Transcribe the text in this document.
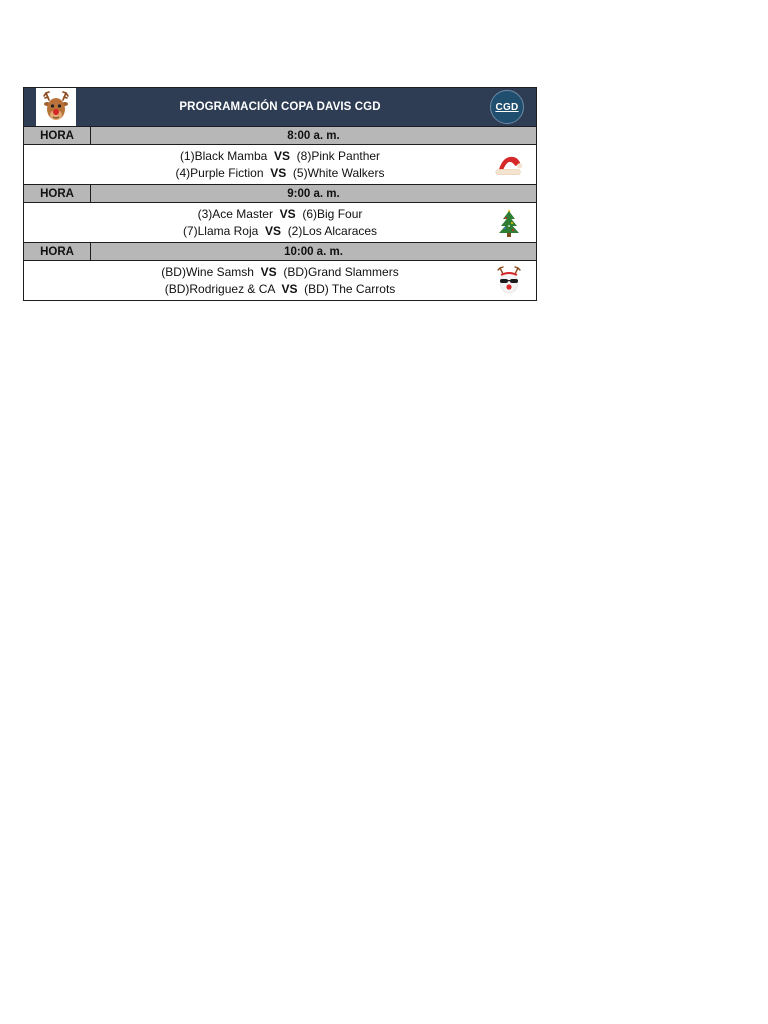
PROGRAMACIÓN COPA DAVIS CGD	CGD
HORA	8:00 a. m.
(1)Black Mamba  VS  (8)Pink Panther
(4)Purple Fiction  VS  (5)White Walkers
HORA	9:00 a. m.
(3)Ace Master  VS  (6)Big Four
(7)Llama Roja  VS  (2)Los Alcaraces
HORA	10:00 a. m.
(BD)Wine Samsh  VS  (BD)Grand Slammers
(BD)Rodriguez & CA  VS  (BD) The Carrots
